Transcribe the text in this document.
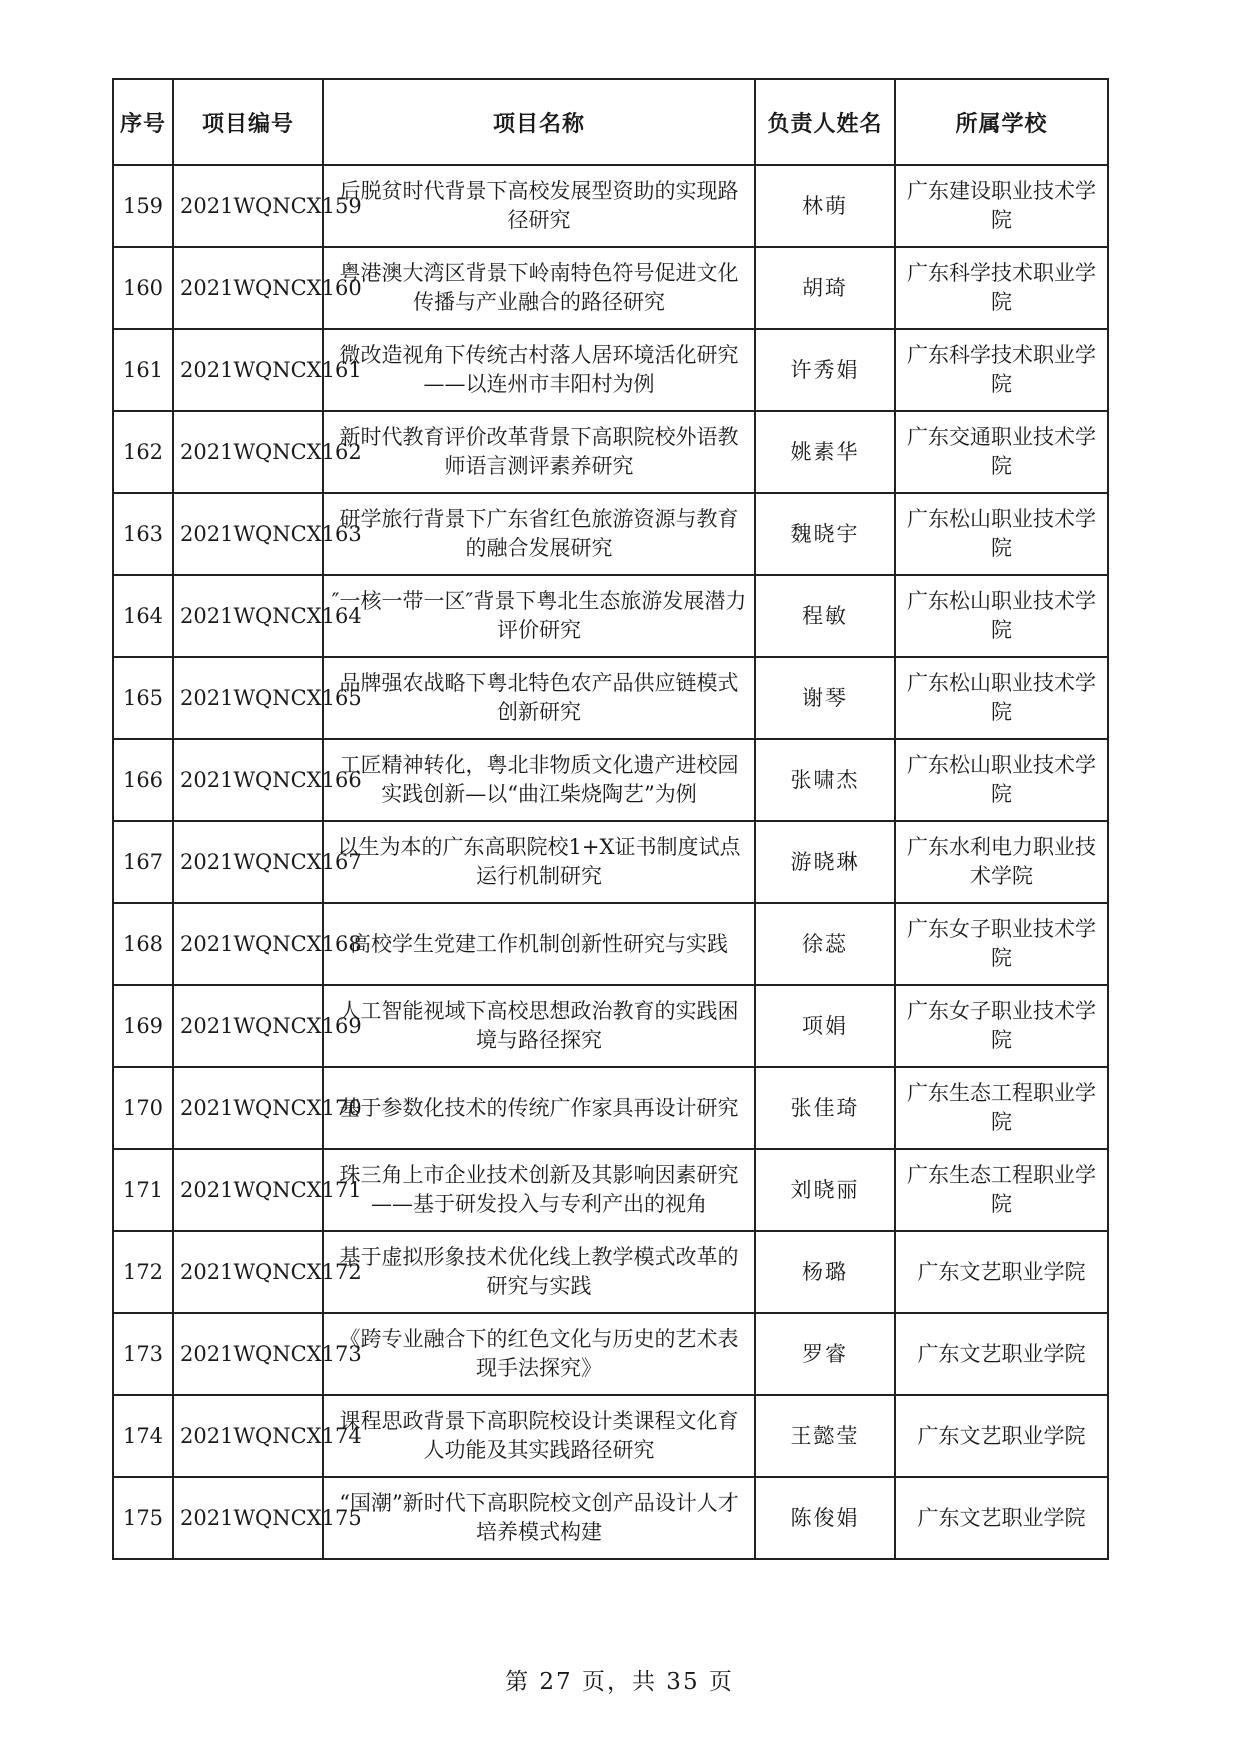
序号	项目编号	项目名称	负责人姓名	所属学校
159	2021WQNCX159	后脱贫时代背景下高校发展型资助的实现路径研究	林萌	广东建设职业技术学院
160	2021WQNCX160	粤港澳大湾区背景下岭南特色符号促进文化传播与产业融合的路径研究	胡琦	广东科学技术职业学院
161	2021WQNCX161	微改造视角下传统古村落人居环境活化研究——以连州市丰阳村为例	许秀娟	广东科学技术职业学院
162	2021WQNCX162	新时代教育评价改革背景下高职院校外语教师语言测评素养研究	姚素华	广东交通职业技术学院
163	2021WQNCX163	研学旅行背景下广东省红色旅游资源与教育的融合发展研究	魏晓宇	广东松山职业技术学院
164	2021WQNCX164	″一核一带一区″背景下粤北生态旅游发展潜力评价研究	程敏	广东松山职业技术学院
165	2021WQNCX165	品牌强农战略下粤北特色农产品供应链模式创新研究	谢琴	广东松山职业技术学院
166	2021WQNCX166	工匠精神转化，粤北非物质文化遗产进校园实践创新—以“曲江柴烧陶艺”为例	张啸杰	广东松山职业技术学院
167	2021WQNCX167	以生为本的广东高职院校1+X证书制度试点运行机制研究	游晓琳	广东水利电力职业技术学院
168	2021WQNCX168	高校学生党建工作机制创新性研究与实践	徐蕊	广东女子职业技术学院
169	2021WQNCX169	人工智能视域下高校思想政治教育的实践困境与路径探究	项娟	广东女子职业技术学院
170	2021WQNCX170	基于参数化技术的传统广作家具再设计研究	张佳琦	广东生态工程职业学院
171	2021WQNCX171	珠三角上市企业技术创新及其影响因素研究——基于研发投入与专利产出的视角	刘晓丽	广东生态工程职业学院
172	2021WQNCX172	基于虚拟形象技术优化线上教学模式改革的研究与实践	杨璐	广东文艺职业学院
173	2021WQNCX173	《跨专业融合下的红色文化与历史的艺术表现手法探究》	罗睿	广东文艺职业学院
174	2021WQNCX174	课程思政背景下高职院校设计类课程文化育人功能及其实践路径研究	王懿莹	广东文艺职业学院
175	2021WQNCX175	“国潮”新时代下高职院校文创产品设计人才培养模式构建	陈俊娟	广东文艺职业学院
第 27 页，共 35 页
